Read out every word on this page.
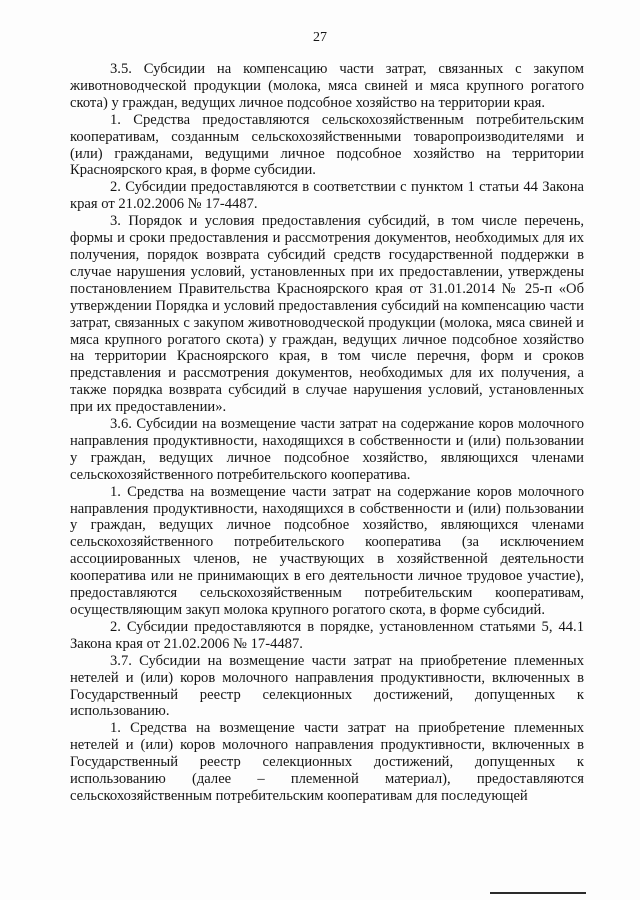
27

3.5. Субсидии на компенсацию части затрат, связанных с закупом животноводческой продукции (молока, мяса свиней и мяса крупного рогатого скота) у граждан, ведущих личное подсобное хозяйство на территории края.

1. Средства предоставляются сельскохозяйственным потребительским кооперативам, созданным сельскохозяйственными товаропроизводителями и (или) гражданами, ведущими личное подсобное хозяйство на территории Красноярского края, в форме субсидии.

2. Субсидии предоставляются в соответствии с пунктом 1 статьи 44 Закона края от 21.02.2006 № 17-4487.

3. Порядок и условия предоставления субсидий, в том числе перечень, формы и сроки предоставления и рассмотрения документов, необходимых для их получения, порядок возврата субсидий средств государственной поддержки в случае нарушения условий, установленных при их предоставлении, утверждены постановлением Правительства Красноярского края от 31.01.2014 № 25-п «Об утверждении Порядка и условий предоставления субсидий на компенсацию части затрат, связанных с закупом животноводческой продукции (молока, мяса свиней и мяса крупного рогатого скота) у граждан, ведущих личное подсобное хозяйство на территории Красноярского края, в том числе перечня, форм и сроков представления и рассмотрения документов, необходимых для их получения, а также порядка возврата субсидий в случае нарушения условий, установленных при их предоставлении».

3.6. Субсидии на возмещение части затрат на содержание коров молочного направления продуктивности, находящихся в собственности и (или) пользовании у граждан, ведущих личное подсобное хозяйство, являющихся членами сельскохозяйственного потребительского кооператива.

1. Средства на возмещение части затрат на содержание коров молочного направления продуктивности, находящихся в собственности и (или) пользовании у граждан, ведущих личное подсобное хозяйство, являющихся членами сельскохозяйственного потребительского кооператива (за исключением ассоциированных членов, не участвующих в хозяйственной деятельности кооператива или не принимающих в его деятельности личное трудовое участие), предоставляются сельскохозяйственным потребительским кооперативам, осуществляющим закуп молока крупного рогатого скота, в форме субсидий.

2. Субсидии предоставляются в порядке, установленном статьями 5, 44.1 Закона края от 21.02.2006 № 17-4487.

3.7. Субсидии на возмещение части затрат на приобретение племенных нетелей и (или) коров молочного направления продуктивности, включенных в Государственный реестр селекционных достижений, допущенных к использованию.

1. Средства на возмещение части затрат на приобретение племенных нетелей и (или) коров молочного направления продуктивности, включенных в Государственный реестр селекционных достижений, допущенных к использованию (далее – племенной материал), предоставляются сельскохозяйственным потребительским кооперативам для последующей
